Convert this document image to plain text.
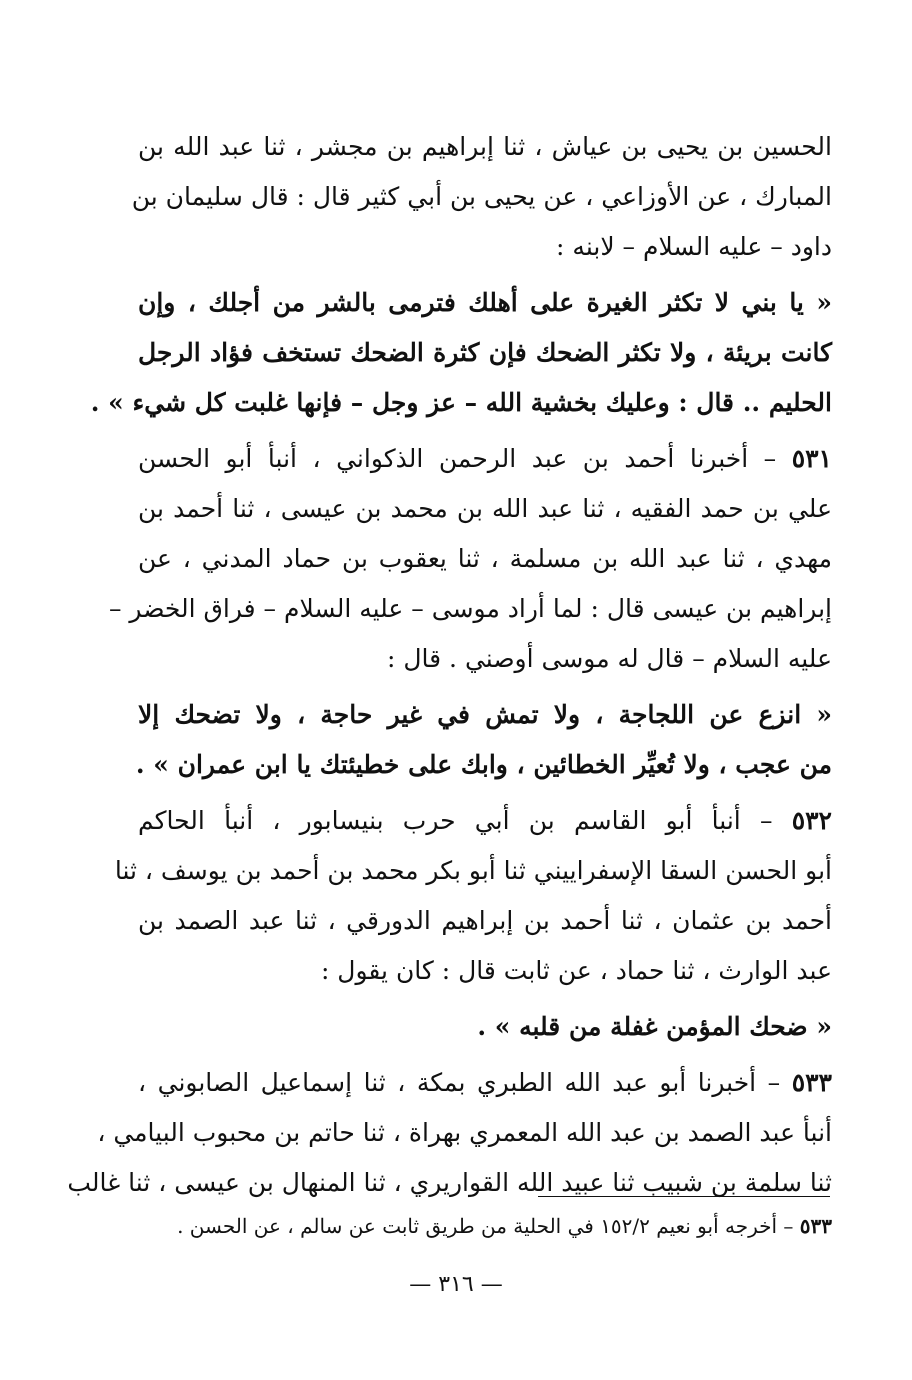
الحسين بن يحيى بن عياش ، ثنا إبراهيم بن مجشر ، ثنا عبد الله بن
المبارك ، عن الأوزاعي ، عن يحيى بن أبي كثير قال : قال سليمان بن
داود – عليه السلام – لابنه :
« يا بني لا تكثر الغيرة على أهلك فترمى بالشر من أجلك ، وإن
كانت بريئة ، ولا تكثر الضحك فإن كثرة الضحك تستخف فؤاد الرجل
الحليم .. قال : وعليك بخشية الله – عز وجل – فإنها غلبت كل شيء » .
٥٣١ – أخبرنا أحمد بن عبد الرحمن الذكواني ، أنبأ أبو الحسن
علي بن حمد الفقيه ، ثنا عبد الله بن محمد بن عيسى ، ثنا أحمد بن
مهدي ، ثنا عبد الله بن مسلمة ، ثنا يعقوب بن حماد المدني ، عن
إبراهيم بن عيسى قال : لما أراد موسى – عليه السلام – فراق الخضر –
عليه السلام – قال له موسى أوصني . قال :
« انزع عن اللجاجة ، ولا تمش في غير حاجة ، ولا تضحك إلا
من عجب ، ولا تُعيِّر الخطائين ، وابك على خطيئتك يا ابن عمران » .
٥٣٢ – أنبأ أبو القاسم بن أبي حرب بنيسابور ، أنبأ الحاكم
أبو الحسن السقا الإسفراييني ثنا أبو بكر محمد بن أحمد بن يوسف ، ثنا
أحمد بن عثمان ، ثنا أحمد بن إبراهيم الدورقي ، ثنا عبد الصمد بن
عبد الوارث ، ثنا حماد ، عن ثابت قال : كان يقول :
« ضحك المؤمن غفلة من قلبه » .
٥٣٣ – أخبرنا أبو عبد الله الطبري بمكة ، ثنا إسماعيل الصابوني ،
أنبأ عبد الصمد بن عبد الله المعمري بهراة ، ثنا حاتم بن محبوب البيامي ،
ثنا سلمة بن شبيب ثنا عبيد الله القواريري ، ثنا المنهال بن عيسى ، ثنا غالب
٥٣٣ – أخرجه أبو نعيم ١٥٢/٢ في الحلية من طريق ثابت عن سالم ، عن الحسن .
— ٣١٦ —
